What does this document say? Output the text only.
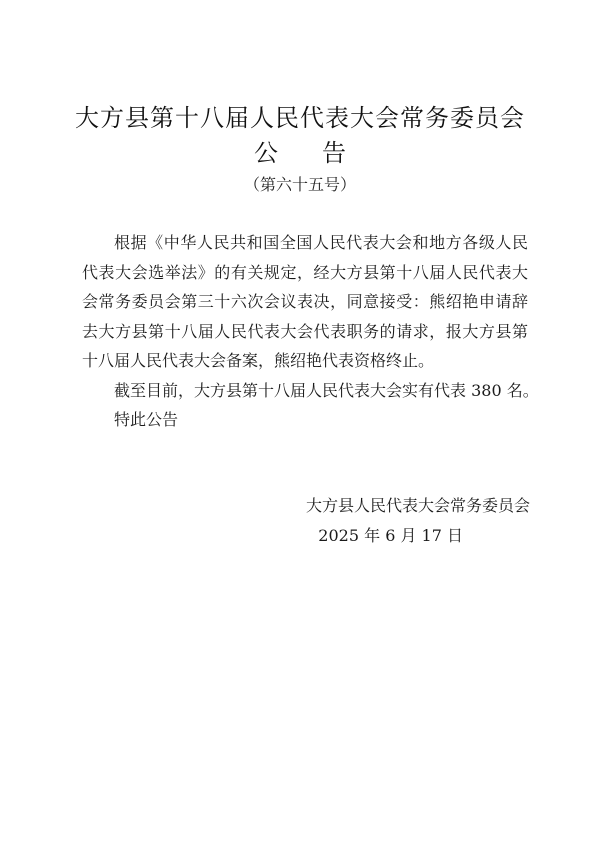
大方县第十八届人民代表大会常务委员会
公 告
（第六十五号）

根据《中华人民共和国全国人民代表大会和地方各级人民代表大会选举法》的有关规定，经大方县第十八届人民代表大会常务委员会第三十六次会议表决，同意接受：熊绍艳申请辞去大方县第十八届人民代表大会代表职务的请求，报大方县第十八届人民代表大会备案，熊绍艳代表资格终止。

截至目前，大方县第十八届人民代表大会实有代表 380 名。

特此公告

大方县人民代表大会常务委员会
2025 年 6 月 17 日
